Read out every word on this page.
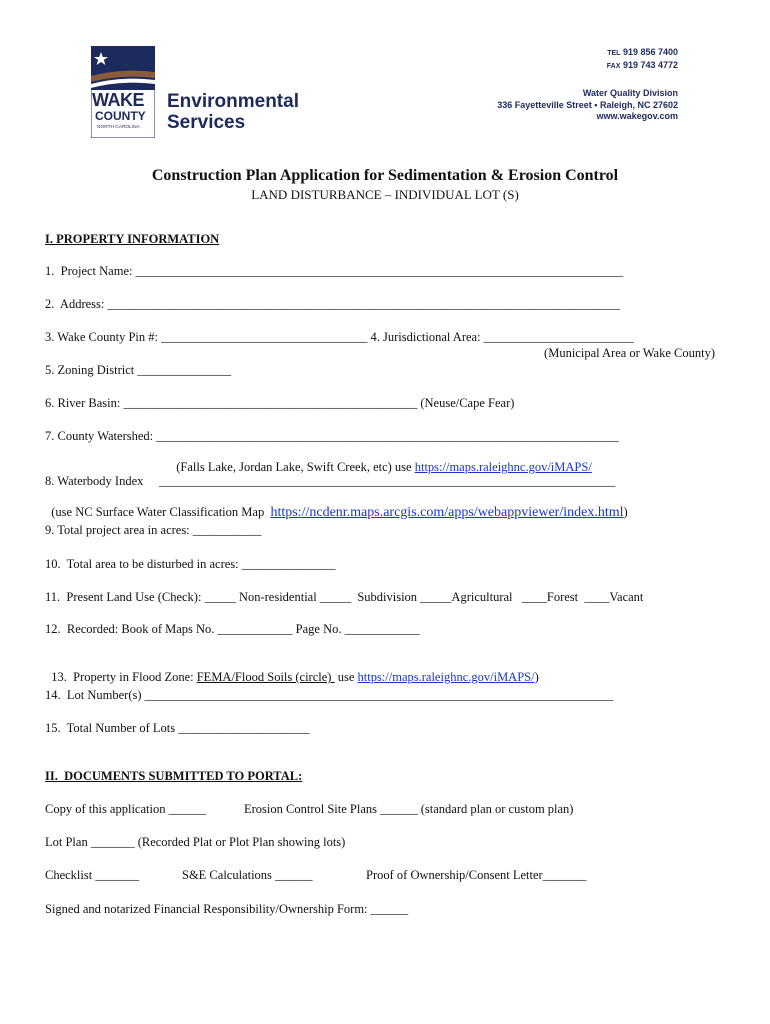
WAKE
COUNTY
NORTH CAROLINA
Environmental
Services
TEL 919 856 7400
FAX 919 743 4772
Water Quality Division
336 Fayetteville Street • Raleigh, NC 27602
www.wakegov.com
Construction Plan Application for Sedimentation & Erosion Control
LAND DISTURBANCE – INDIVIDUAL LOT (S)
I. PROPERTY INFORMATION
1.  Project Name: ______________________________________________________________________________
2.  Address: __________________________________________________________________________________
3. Wake County Pin #: _________________________________ 4. Jurisdictional Area: ________________________
(Municipal Area or Wake County)
5. Zoning District _______________
6. River Basin: _______________________________________________ (Neuse/Cape Fear)
7. County Watershed: __________________________________________________________________________

(Falls Lake, Jordan Lake, Swift Creek, etc) use https://maps.raleighnc.gov/iMAPS/

8. Waterbody Index     _________________________________________________________________________

(use NC Surface Water Classification Map  https://ncdenr.maps.arcgis.com/apps/webappviewer/index.html)

9. Total project area in acres: ___________
10.  Total area to be disturbed in acres: _______________
11.  Present Land Use (Check): _____ Non-residential _____  Subdivision _____Agricultural   ____Forest  ____Vacant
12.  Recorded: Book of Maps No. ____________ Page No. ____________

13.  Property in Flood Zone: FEMA/Flood Soils (circle)  use https://maps.raleighnc.gov/iMAPS/)

14.  Lot Number(s) ___________________________________________________________________________
15.  Total Number of Lots _____________________
II.  DOCUMENTS SUBMITTED TO PORTAL:
Copy of this application ______	Erosion Control Site Plans ______ (standard plan or custom plan)
Lot Plan _______ (Recorded Plat or Plot Plan showing lots)
Checklist _______	S&E Calculations ______	Proof of Ownership/Consent Letter_______
Signed and notarized Financial Responsibility/Ownership Form: ______
